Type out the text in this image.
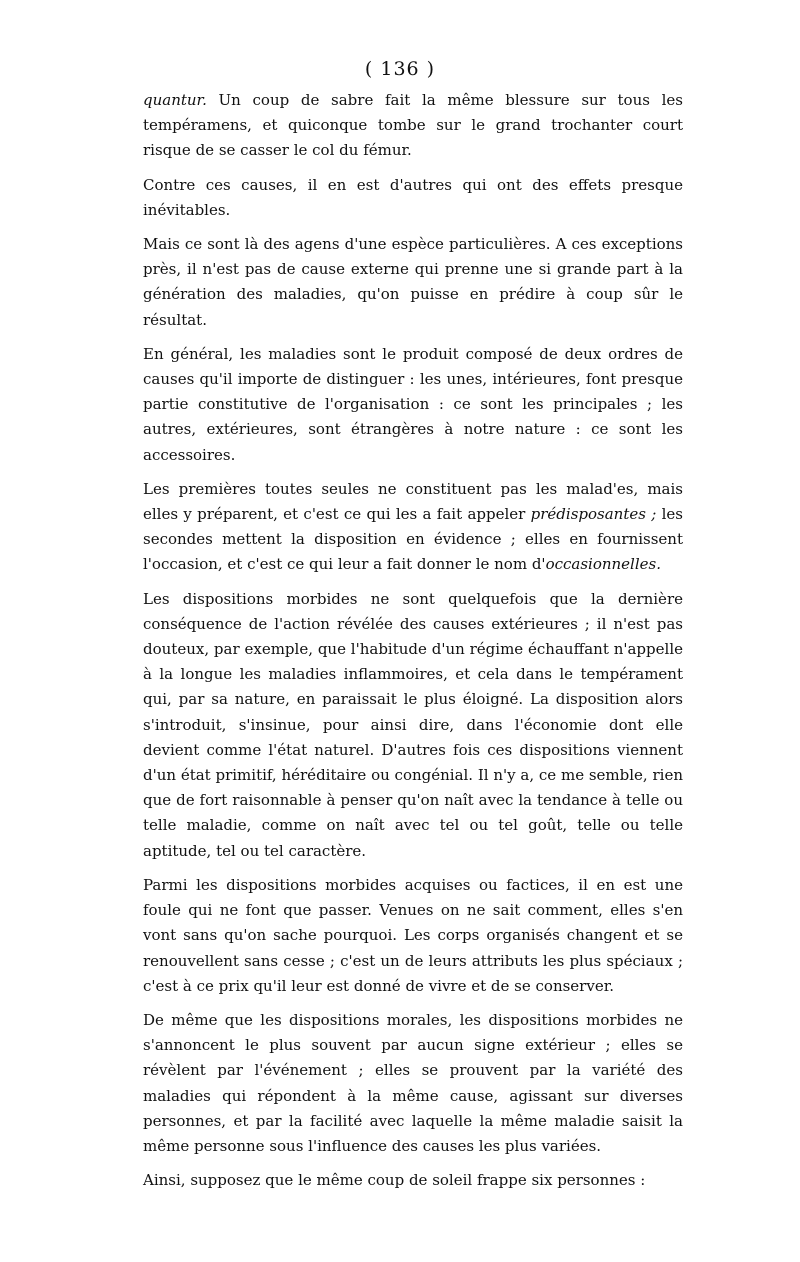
( 136 )

quantur. Un coup de sabre fait la même blessure sur tous les tempéramens, et quiconque tombe sur le grand trochanter court risque de se casser le col du fémur.

Contre ces causes, il en est d'autres qui ont des effets presque inévitables.

Mais ce sont là des agens d'une espèce particulières. A ces exceptions près, il n'est pas de cause externe qui prenne une si grande part à la génération des maladies, qu'on puisse en prédire à coup sûr le résultat.

En général, les maladies sont le produit composé de deux ordres de causes qu'il importe de distinguer : les unes, intérieures, font presque partie constitutive de l'organisation : ce sont les principales ; les autres, extérieures, sont étrangères à notre nature : ce sont les accessoires.

Les premières toutes seules ne constituent pas les malad'es, mais elles y préparent, et c'est ce qui les a fait appeler prédisposantes ; les secondes mettent la disposition en évidence ; elles en fournissent l'occasion, et c'est ce qui leur a fait donner le nom d'occasionnelles.

Les dispositions morbides ne sont quelquefois que la dernière conséquence de l'action révélée des causes extérieures ; il n'est pas douteux, par exemple, que l'habitude d'un régime échauffant n'appelle à la longue les maladies inflammoires, et cela dans le tempérament qui, par sa nature, en paraissait le plus éloigné. La disposition alors s'introduit, s'insinue, pour ainsi dire, dans l'économie dont elle devient comme l'état naturel. D'autres fois ces dispositions viennent d'un état primitif, héréditaire ou congénial. Il n'y a, ce me semble, rien que de fort raisonnable à penser qu'on naît avec la tendance à telle ou telle maladie, comme on naît avec tel ou tel goût, telle ou telle aptitude, tel ou tel caractère.

Parmi les dispositions morbides acquises ou factices, il en est une foule qui ne font que passer. Venues on ne sait comment, elles s'en vont sans qu'on sache pourquoi. Les corps organisés changent et se renouvellent sans cesse ; c'est un de leurs attributs les plus spéciaux ; c'est à ce prix qu'il leur est donné de vivre et de se conserver.

De même que les dispositions morales, les dispositions morbides ne s'annoncent le plus souvent par aucun signe extérieur ; elles se révèlent par l'événement ; elles se prouvent par la variété des maladies qui répondent à la même cause, agissant sur diverses personnes, et par la facilité avec laquelle la même maladie saisit la même personne sous l'influence des causes les plus variées.

Ainsi, supposez que le même coup de soleil frappe six personnes :
